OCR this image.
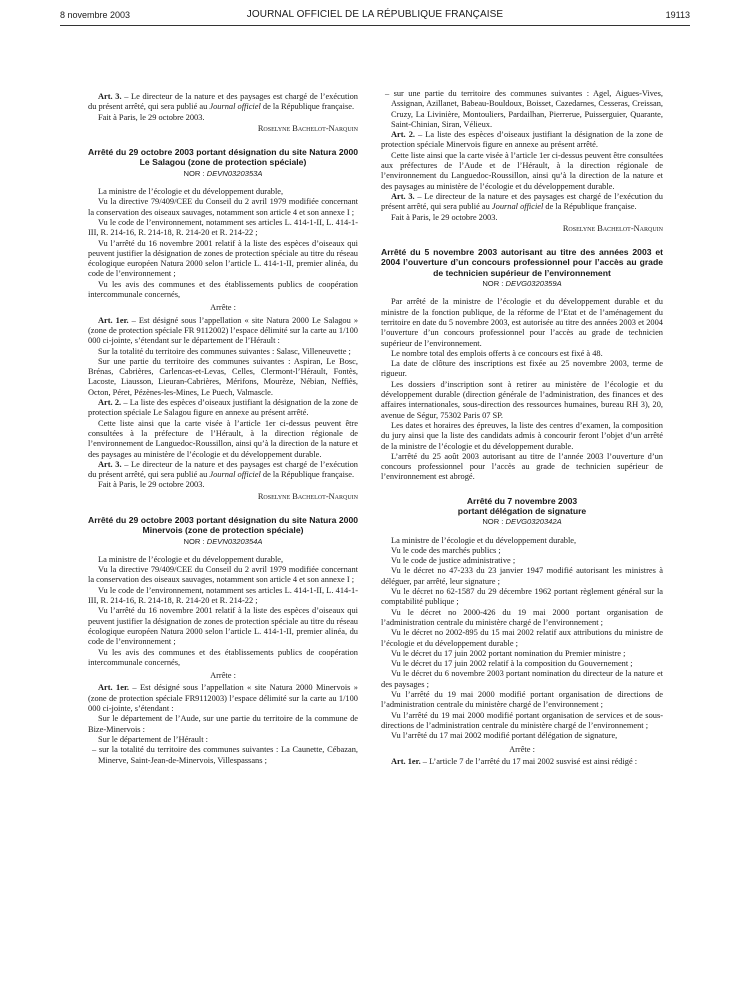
8 novembre 2003	JOURNAL OFFICIEL DE LA RÉPUBLIQUE FRANÇAISE	19113

Art. 3. – Le directeur de la nature et des paysages est chargé de l’exécution du présent arrêté, qui sera publié au Journal officiel de la République française.

Fait à Paris, le 29 octobre 2003.

Roselyne Bachelot-Narquin

Arrêté du 29 octobre 2003 portant désignation du site Natura 2000 Le Salagou (zone de protection spéciale)

NOR : DEVN0320353A

La ministre de l’écologie et du développement durable,

Vu la directive 79/409/CEE du Conseil du 2 avril 1979 modifiée concernant la conservation des oiseaux sauvages, notamment son article 4 et son annexe I ;

Vu le code de l’environnement, notamment ses articles L. 414-1-II, L. 414-1-III, R. 214-16, R. 214-18, R. 214-20 et R. 214-22 ;

Vu l’arrêté du 16 novembre 2001 relatif à la liste des espèces d’oiseaux qui peuvent justifier la désignation de zones de protection spéciale au titre du réseau écologique européen Natura 2000 selon l’article L. 414-1-II, premier alinéa, du code de l’environnement ;

Vu les avis des communes et des établissements publics de coopération intercommunale concernés,

Arrête :

Art. 1er. – Est désigné sous l’appellation « site Natura 2000 Le Salagou » (zone de protection spéciale FR 9112002) l’espace délimité sur la carte au 1/100 000 ci-jointe, s’étendant sur le département de l’Hérault :

Sur la totalité du territoire des communes suivantes : Salasc, Villeneuvette ;

Sur une partie du territoire des communes suivantes : Aspiran, Le Bosc, Brénas, Cabrières, Carlencas-et-Levas, Celles, Clermont-l’Hérault, Fontès, Lacoste, Liausson, Lieuran-Cabrières, Mérifons, Mourèze, Nébian, Neffiès, Octon, Péret, Pézènes-les-Mines, Le Puech, Valmascle.

Art. 2. – La liste des espèces d’oiseaux justifiant la désignation de la zone de protection spéciale Le Salagou figure en annexe au présent arrêté.

Cette liste ainsi que la carte visée à l’article 1er ci-dessus peuvent être consultées à la préfecture de l’Hérault, à la direction régionale de l’environnement de Languedoc-Roussillon, ainsi qu’à la direction de la nature et des paysages au ministère de l’écologie et du développement durable.

Art. 3. – Le directeur de la nature et des paysages est chargé de l’exécution du présent arrêté, qui sera publié au Journal officiel de la République française.

Fait à Paris, le 29 octobre 2003.

Roselyne Bachelot-Narquin

Arrêté du 29 octobre 2003 portant désignation du site Natura 2000 Minervois (zone de protection spéciale)

NOR : DEVN0320354A

La ministre de l’écologie et du développement durable,

Vu la directive 79/409/CEE du Conseil du 2 avril 1979 modifiée concernant la conservation des oiseaux sauvages, notamment son article 4 et son annexe I ;

Vu le code de l’environnement, notamment ses articles L. 414-1-II, L. 414-1-III, R. 214-16, R. 214-18, R. 214-20 et R. 214-22 ;

Vu l’arrêté du 16 novembre 2001 relatif à la liste des espèces d’oiseaux qui peuvent justifier la désignation de zones de protection spéciale au titre du réseau écologique européen Natura 2000 selon l’article L. 414-1-II, premier alinéa, du code de l’environnement ;

Vu les avis des communes et des établissements publics de coopération intercommunale concernés,

Arrête :

Art. 1er. – Est désigné sous l’appellation « site Natura 2000 Minervois » (zone de protection spéciale FR9112003) l’espace délimité sur la carte au 1/100 000 ci-jointe, s’étendant :

Sur le département de l’Aude, sur une partie du territoire de la commune de Bize-Minervois :

Sur le département de l’Hérault :

– sur la totalité du territoire des communes suivantes : La Caunette, Cébazan, Minerve, Saint-Jean-de-Minervois, Villespassans ;

– sur une partie du territoire des communes suivantes : Agel, Aigues-Vives, Assignan, Azillanet, Babeau-Bouldoux, Boisset, Cazedarnes, Cesseras, Creissan, Cruzy, La Livinière, Montouliers, Pardailhan, Pierrerue, Puisserguier, Quarante, Saint-Chinian, Siran, Vélieux.

Art. 2. – La liste des espèces d’oiseaux justifiant la désignation de la zone de protection spéciale Minervois figure en annexe au présent arrêté.

Cette liste ainsi que la carte visée à l’article 1er ci-dessus peuvent être consultées aux préfectures de l’Aude et de l’Hérault, à la direction régionale de l’environnement du Languedoc-Roussillon, ainsi qu’à la direction de la nature et des paysages au ministère de l’écologie et du développement durable.

Art. 3. – Le directeur de la nature et des paysages est chargé de l’exécution du présent arrêté, qui sera publié au Journal officiel de la République française.

Fait à Paris, le 29 octobre 2003.

Roselyne Bachelot-Narquin

Arrêté du 5 novembre 2003 autorisant au titre des années 2003 et 2004 l’ouverture d’un concours professionnel pour l’accès au grade de technicien supérieur de l’environnement

NOR : DEVG0320359A

Par arrêté de la ministre de l’écologie et du développement durable et du ministre de la fonction publique, de la réforme de l’Etat et de l’aménagement du territoire en date du 5 novembre 2003, est autorisée au titre des années 2003 et 2004 l’ouverture d’un concours professionnel pour l’accès au grade de technicien supérieur de l’environnement.

Le nombre total des emplois offerts à ce concours est fixé à 48.

La date de clôture des inscriptions est fixée au 25 novembre 2003, terme de rigueur.

Les dossiers d’inscription sont à retirer au ministère de l’écologie et du développement durable (direction générale de l’administration, des finances et des affaires internationales, sous-direction des ressources humaines, bureau RH 3), 20, avenue de Ségur, 75302 Paris 07 SP.

Les dates et horaires des épreuves, la liste des centres d’examen, la composition du jury ainsi que la liste des candidats admis à concourir feront l’objet d’un arrêté de la ministre de l’écologie et du développement durable.

L’arrêté du 25 août 2003 autorisant au titre de l’année 2003 l’ouverture d’un concours professionnel pour l’accès au grade de technicien supérieur de l’environnement est abrogé.

Arrêté du 7 novembre 2003

portant délégation de signature

NOR : DEVG0320342A

La ministre de l’écologie et du développement durable,

Vu le code des marchés publics ;

Vu le code de justice administrative ;

Vu le décret no 47-233 du 23 janvier 1947 modifié autorisant les ministres à déléguer, par arrêté, leur signature ;

Vu le décret no 62-1587 du 29 décembre 1962 portant règlement général sur la comptabilité publique ;

Vu le décret no 2000-426 du 19 mai 2000 portant organisation de l’administration centrale du ministère chargé de l’environnement ;

Vu le décret no 2002-895 du 15 mai 2002 relatif aux attributions du ministre de l’écologie et du développement durable ;

Vu le décret du 17 juin 2002 portant nomination du Premier ministre ;

Vu le décret du 17 juin 2002 relatif à la composition du Gouvernement ;

Vu le décret du 6 novembre 2003 portant nomination du directeur de la nature et des paysages ;

Vu l’arrêté du 19 mai 2000 modifié portant organisation de directions de l’administration centrale du ministère chargé de l’environnement ;

Vu l’arrêté du 19 mai 2000 modifié portant organisation de services et de sous-directions de l’administration centrale du ministère chargé de l’environnement ;

Vu l’arrêté du 17 mai 2002 modifié portant délégation de signature,

Arrête :

Art. 1er. – L’article 7 de l’arrêté du 17 mai 2002 susvisé est ainsi rédigé :
